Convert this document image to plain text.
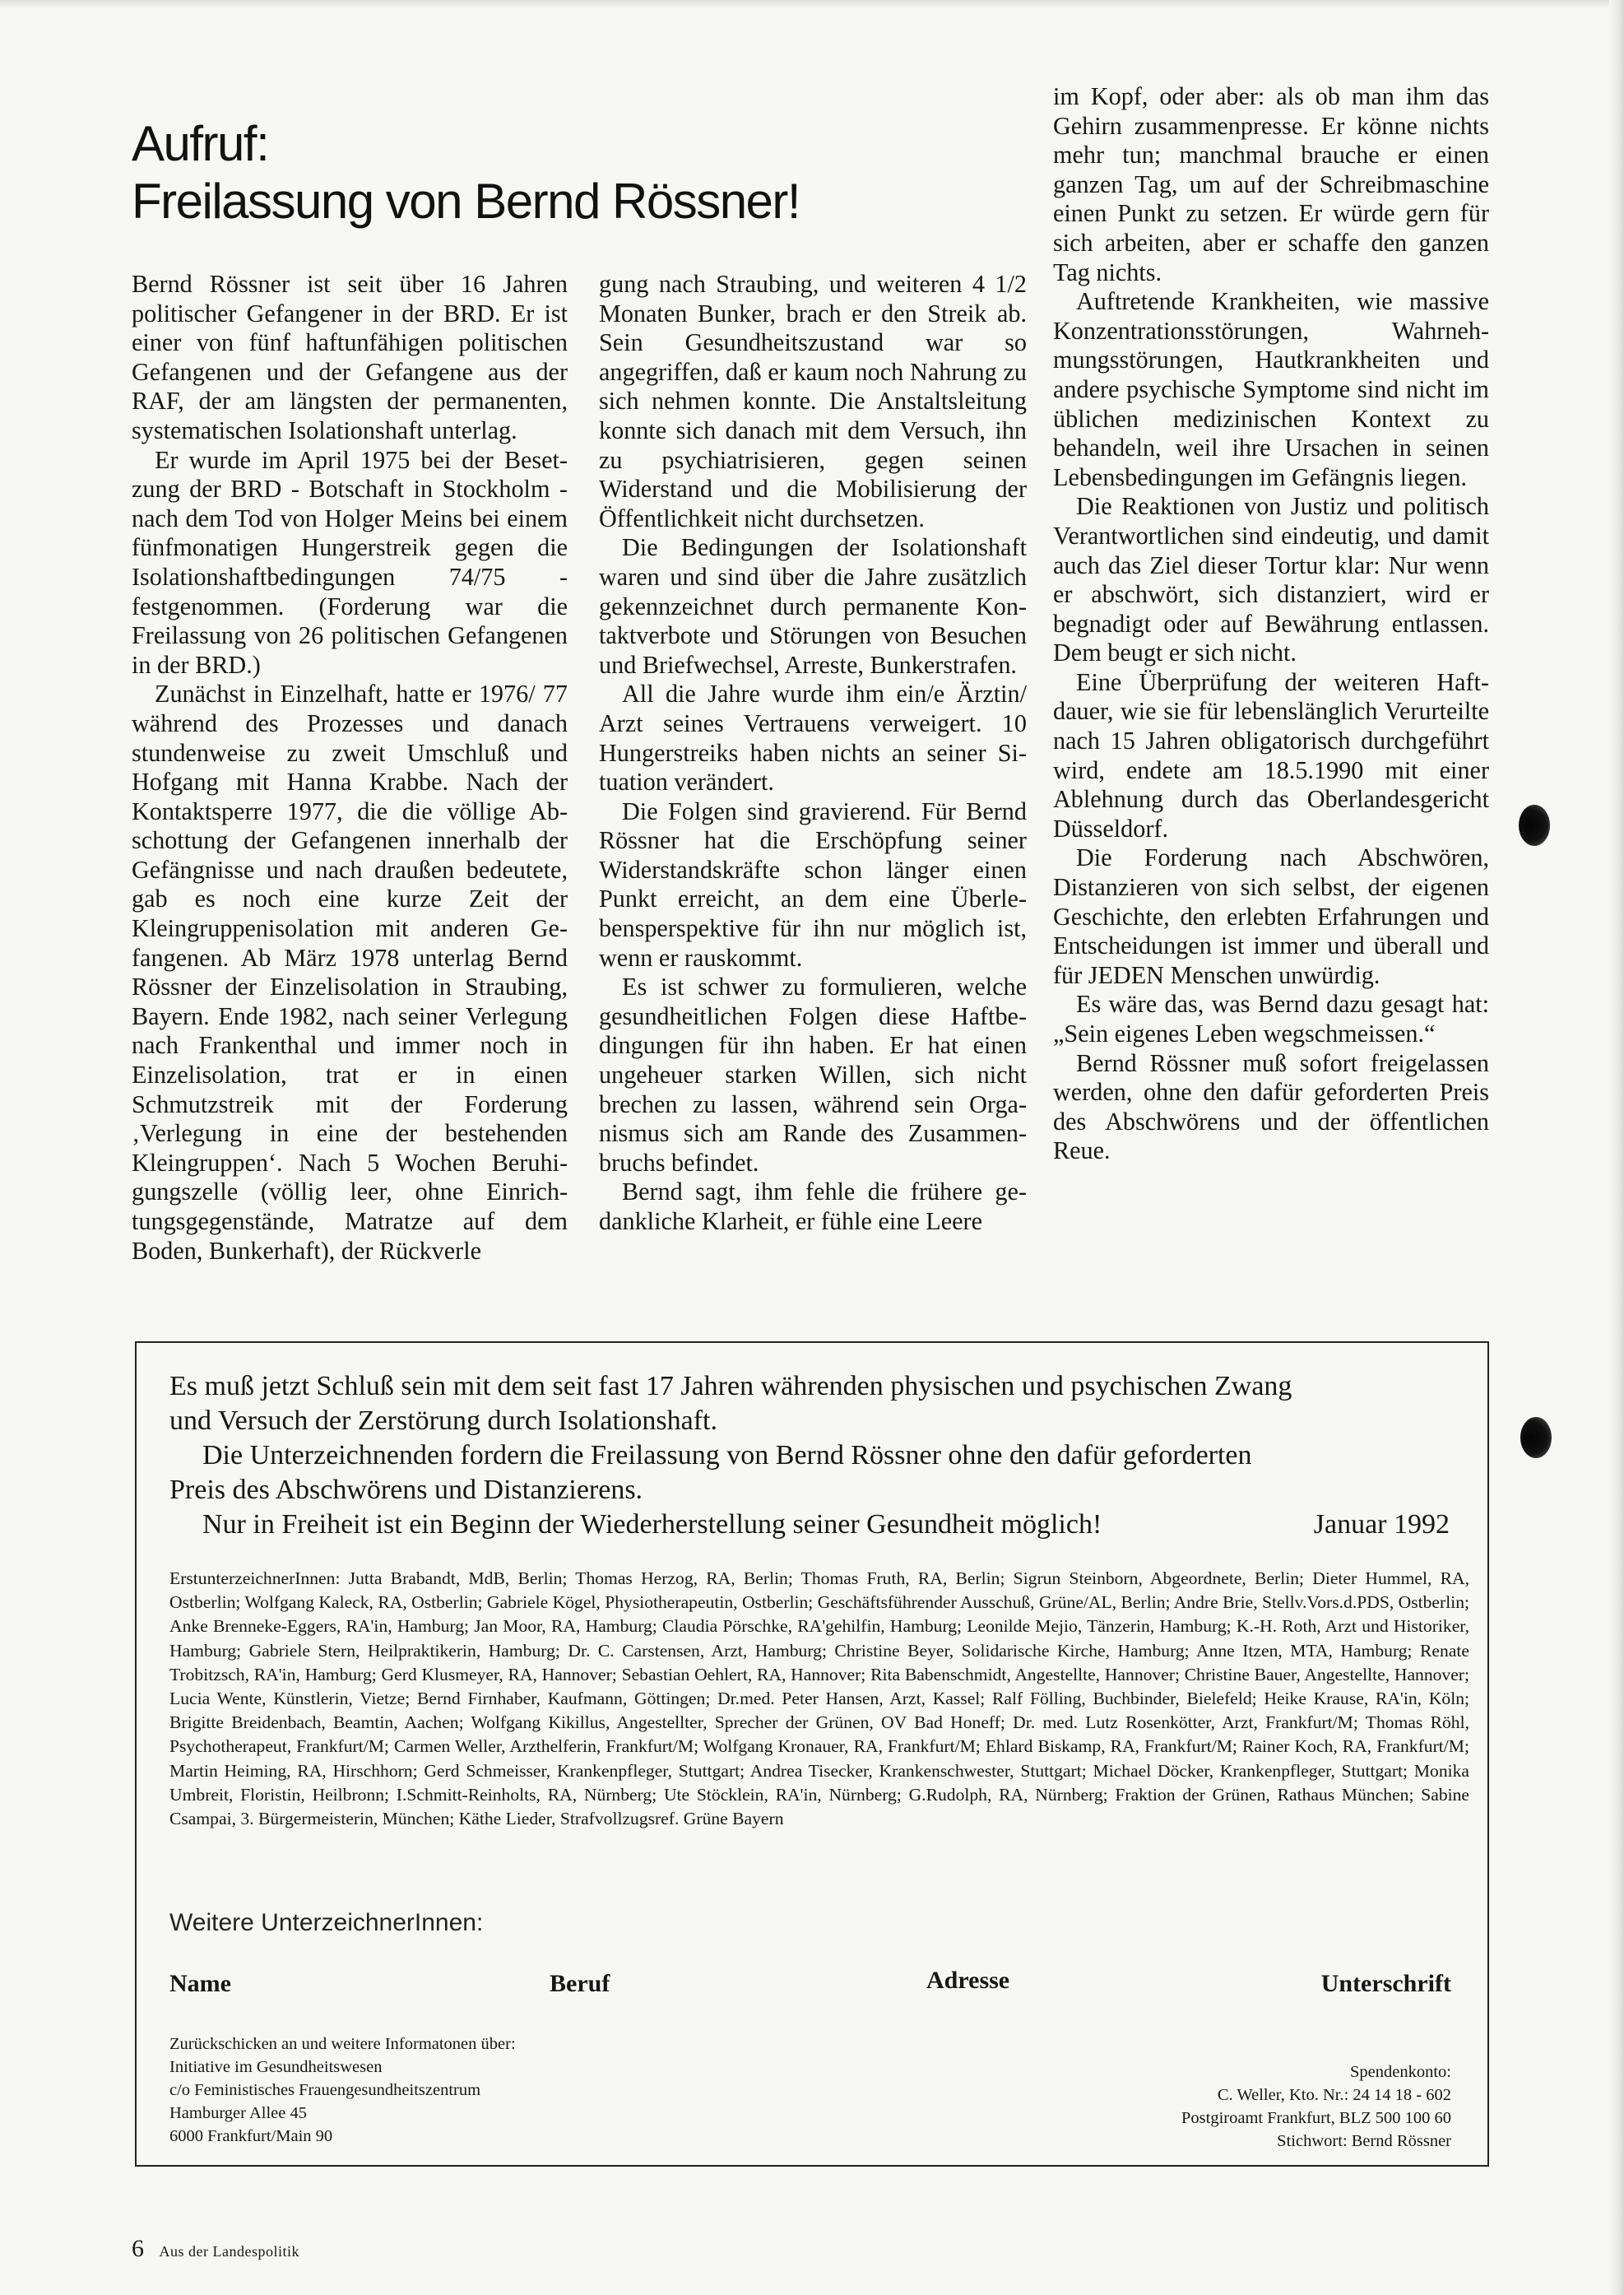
Aufruf:
Freilassung von Bernd Rössner!

Bernd Rössner ist seit über 16 Jahren politischer Gefangener in der BRD. Er ist einer von fünf haftunfähigen politischen Gefangenen und der Gefangene aus der RAF, der am längsten der permanenten, systematischen Isolationshaft unterlag.

Er wurde im April 1975 bei der Besetzung der BRD - Botschaft in Stockholm - nach dem Tod von Holger Meins bei einem fünfmonatigen Hungerstreik gegen die Isolationshaftbedingungen 74/75 - festgenommen. (Forderung war die Freilassung von 26 politischen Gefangenen in der BRD.)

Zunächst in Einzelhaft, hatte er 1976/ 77 während des Prozesses und danach stundenweise zu zweit Umschluß und Hofgang mit Hanna Krabbe. Nach der Kontaktsperre 1977, die die völlige Abschottung der Gefangenen innerhalb der Gefängnisse und nach draußen bedeutete, gab es noch eine kurze Zeit der Kleingruppenisolation mit anderen Gefangenen. Ab März 1978 unterlag Bernd Rössner der Einzelisolation in Straubing, Bayern. Ende 1982, nach seiner Verlegung nach Frankenthal und immer noch in Einzelisolation, trat er in einen Schmutzstreik mit der Forderung ‚Verlegung in eine der bestehenden Kleingruppen‘. Nach 5 Wochen Beruhigungszelle (völlig leer, ohne Einrichtungsgegenstände, Matratze auf dem Boden, Bunkerhaft), der Rückverle

gung nach Straubing, und weiteren 4 1/2 Monaten Bunker, brach er den Streik ab. Sein Gesundheitszustand war so angegriffen, daß er kaum noch Nahrung zu sich nehmen konnte. Die Anstaltsleitung konnte sich danach mit dem Versuch, ihn zu psychiatrisieren, gegen seinen Widerstand und die Mobilisierung der Öffentlichkeit nicht durchsetzen.

Die Bedingungen der Isolationshaft waren und sind über die Jahre zusätzlich gekennzeichnet durch permanente Kontaktverbote und Störungen von Besuchen und Briefwechsel, Arreste, Bunkerstrafen.

All die Jahre wurde ihm ein/e Ärztin/ Arzt seines Vertrauens verweigert. 10 Hungerstreiks haben nichts an seiner Situation verändert.

Die Folgen sind gravierend. Für Bernd Rössner hat die Erschöpfung seiner Widerstandskräfte schon länger einen Punkt erreicht, an dem eine Überlebensperspektive für ihn nur möglich ist, wenn er rauskommt.

Es ist schwer zu formulieren, welche gesundheitlichen Folgen diese Haftbedingungen für ihn haben. Er hat einen ungeheuer starken Willen, sich nicht brechen zu lassen, während sein Organismus sich am Rande des Zusammenbruchs befindet.

Bernd sagt, ihm fehle die frühere gedankliche Klarheit, er fühle eine Leere

im Kopf, oder aber: als ob man ihm das Gehirn zusammenpresse. Er könne nichts mehr tun; manchmal brauche er einen ganzen Tag, um auf der Schreibmaschine einen Punkt zu setzen. Er würde gern für sich arbeiten, aber er schaffe den ganzen Tag nichts.

Auftretende Krankheiten, wie massive Konzentrationsstörungen, Wahrnehmungsstörungen, Hautkrankheiten und andere psychische Symptome sind nicht im üblichen medizinischen Kontext zu behandeln, weil ihre Ursachen in seinen Lebensbedingungen im Gefängnis liegen.

Die Reaktionen von Justiz und politisch Verantwortlichen sind eindeutig, und damit auch das Ziel dieser Tortur klar: Nur wenn er abschwört, sich distanziert, wird er begnadigt oder auf Bewährung entlassen. Dem beugt er sich nicht.

Eine Überprüfung der weiteren Haftdauer, wie sie für lebenslänglich Verurteilte nach 15 Jahren obligatorisch durchgeführt wird, endete am 18.5.1990 mit einer Ablehnung durch das Oberlandesgericht Düsseldorf.

Die Forderung nach Abschwören, Distanzieren von sich selbst, der eigenen Geschichte, den erlebten Erfahrungen und Entscheidungen ist immer und überall und für JEDEN Menschen unwürdig.

Es wäre das, was Bernd dazu gesagt hat: „Sein eigenes Leben wegschmeissen.“

Bernd Rössner muß sofort freigelassen werden, ohne den dafür geforderten Preis des Abschwörens und der öffentlichen Reue.

Es muß jetzt Schluß sein mit dem seit fast 17 Jahren währenden physischen und psychischen Zwang
und Versuch der Zerstörung durch Isolationshaft.
Die Unterzeichnenden fordern die Freilassung von Bernd Rössner ohne den dafür geforderten
Preis des Abschwörens und Distanzierens.
Nur in Freiheit ist ein Beginn der Wiederherstellung seiner Gesundheit möglich!	Januar 1992
ErstunterzeichnerInnen: Jutta Brabandt, MdB, Berlin; Thomas Herzog, RA, Berlin; Thomas Fruth, RA, Berlin; Sigrun Steinborn, Abgeordnete, Berlin; Dieter Hummel, RA, Ostberlin; Wolfgang Kaleck, RA, Ostberlin; Gabriele Kögel, Physiotherapeutin, Ostberlin; Geschäftsführender Ausschuß, Grüne/AL, Berlin; Andre Brie, Stellv.Vors.d.PDS, Ostberlin; Anke Brenneke-Eggers, RA'in, Hamburg; Jan Moor, RA, Hamburg; Claudia Pörschke, RA'gehilfin, Hamburg; Leonilde Mejio, Tänzerin, Hamburg; K.-H. Roth, Arzt und Historiker, Hamburg; Gabriele Stern, Heilpraktikerin, Hamburg; Dr. C. Carstensen, Arzt, Hamburg; Christine Beyer, Solidarische Kirche, Hamburg; Anne Itzen, MTA, Hamburg; Renate Trobitzsch, RA'in, Hamburg; Gerd Klusmeyer, RA, Hannover; Sebastian Oehlert, RA, Hannover; Rita Babenschmidt, Angestellte, Hannover; Christine Bauer, Angestellte, Hannover; Lucia Wente, Künstlerin, Vietze; Bernd Firnhaber, Kaufmann, Göttingen; Dr.med. Peter Hansen, Arzt, Kassel; Ralf Fölling, Buchbinder, Bielefeld; Heike Krause, RA'in, Köln; Brigitte Breidenbach, Beamtin, Aachen; Wolfgang Kikillus, Angestellter, Sprecher der Grünen, OV Bad Honeff; Dr. med. Lutz Rosenkötter, Arzt, Frankfurt/M; Thomas Röhl, Psychotherapeut, Frankfurt/M; Carmen Weller, Arzthelferin, Frankfurt/M; Wolfgang Kronauer, RA, Frankfurt/M; Ehlard Biskamp, RA, Frankfurt/M; Rainer Koch, RA, Frankfurt/M; Martin Heiming, RA, Hirschhorn; Gerd Schmeisser, Krankenpfleger, Stuttgart; Andrea Tisecker, Krankenschwester, Stuttgart; Michael Döcker, Krankenpfleger, Stuttgart; Monika Umbreit, Floristin, Heilbronn; I.Schmitt-Reinholts, RA, Nürnberg; Ute Stöcklein, RA'in, Nürnberg; G.Rudolph, RA, Nürnberg; Fraktion der Grünen, Rathaus München; Sabine Csampai, 3. Bürgermeisterin, München; Käthe Lieder, Strafvollzugsref. Grüne Bayern
Weitere UnterzeichnerInnen:
Name	Beruf	Adresse	Unterschrift
Zurückschicken an und weitere Informatonen über:
Initiative im Gesundheitswesen
c/o Feministisches Frauengesundheitszentrum
Hamburger Allee 45
6000 Frankfurt/Main 90
Spendenkonto:
C. Weller, Kto. Nr.: 24 14 18 - 602
Postgiroamt Frankfurt, BLZ 500 100 60
Stichwort: Bernd Rössner
6 Aus der Landespolitik
